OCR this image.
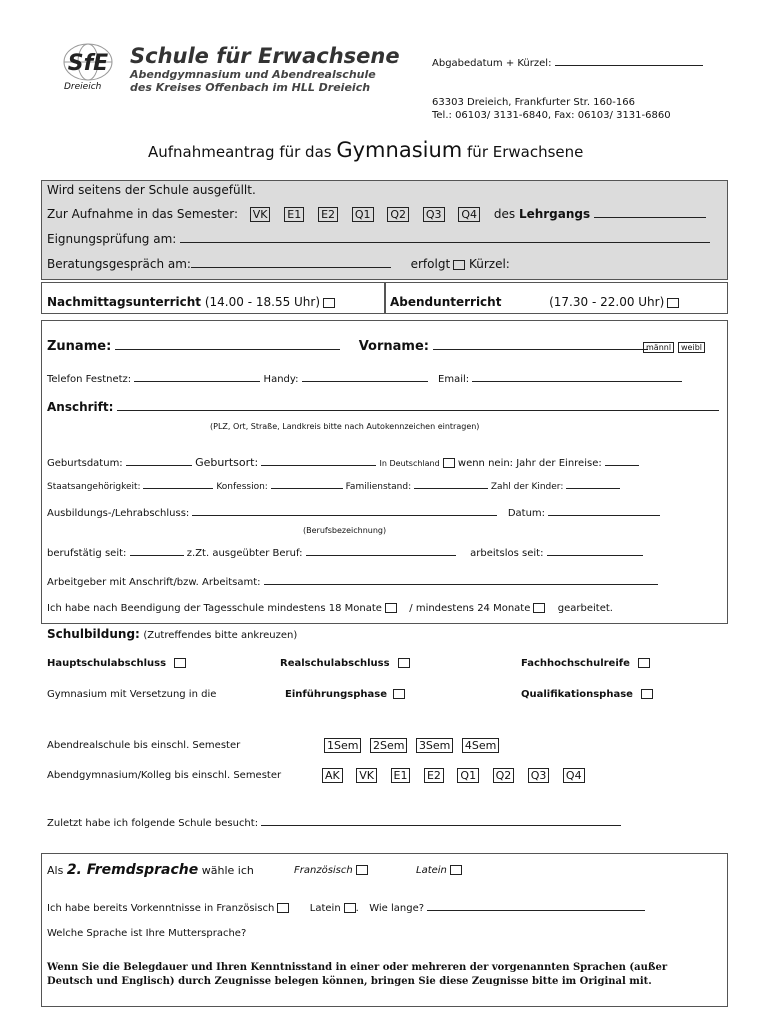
SfE
Dreieich
Schule für Erwachsene
Abendgymnasium und Abendrealschule
des Kreises Offenbach im HLL Dreieich
Abgabedatum + Kürzel:
63303 Dreieich, Frankfurter Str. 160-166
Tel.: 06103/ 3131-6840, Fax: 06103/ 3131-6860
Aufnahmeantrag für das Gymnasium für Erwachsene
Wird seitens der Schule ausgefüllt.
Zur Aufnahme in das Semester: VK E1 E2 Q1 Q2 Q3 Q4 des Lehrgangs
Eignungsprüfung am:
Beratungsgespräch am:	erfolgt Kürzel:
Nachmittagsunterricht (14.00 - 18.55 Uhr)	Abendunterricht	(17.30 - 22.00 Uhr)
Zuname:	Vorname:	männl	weibl
Telefon Festnetz:	Handy:	Email:
Anschrift:
(PLZ, Ort, Straße, Landkreis bitte nach Autokennzeichen eintragen)
Geburtsdatum:	Geburtsort:	In Deutschland wenn nein: Jahr der Einreise:
Staatsangehörigkeit:	Konfession:	Familienstand:	Zahl der Kinder:
Ausbildungs-/Lehrabschluss:	Datum:
(Berufsbezeichnung)
berufstätig seit:	z.Zt. ausgeübter Beruf:	arbeitslos seit:
Arbeitgeber mit Anschrift/bzw. Arbeitsamt:
Ich habe nach Beendigung der Tagesschule mindestens 18 Monate	/ mindestens 24 Monate	gearbeitet.
Schulbildung: (Zutreffendes bitte ankreuzen)
Hauptschulabschluss	Realschulabschluss	Fachhochschulreife
Gymnasium mit Versetzung in die	Einführungsphase	Qualifikationsphase
Abendrealschule bis einschl. Semester	1Sem 2Sem 3Sem 4Sem
Abendgymnasium/Kolleg bis einschl. Semester	AK VK E1 E2 Q1 Q2 Q3 Q4
Zuletzt habe ich folgende Schule besucht:
Als 2. Fremdsprache wähle ich	Französisch	Latein
Ich habe bereits Vorkenntnisse in Französisch	Latein . Wie lange?
Welche Sprache ist Ihre Muttersprache?
Wenn Sie die Belegdauer und Ihren Kenntnisstand in einer oder mehreren der vorgenannten Sprachen (außer Deutsch und Englisch) durch Zeugnisse belegen können, bringen Sie diese Zeugnisse bitte im Original mit.
